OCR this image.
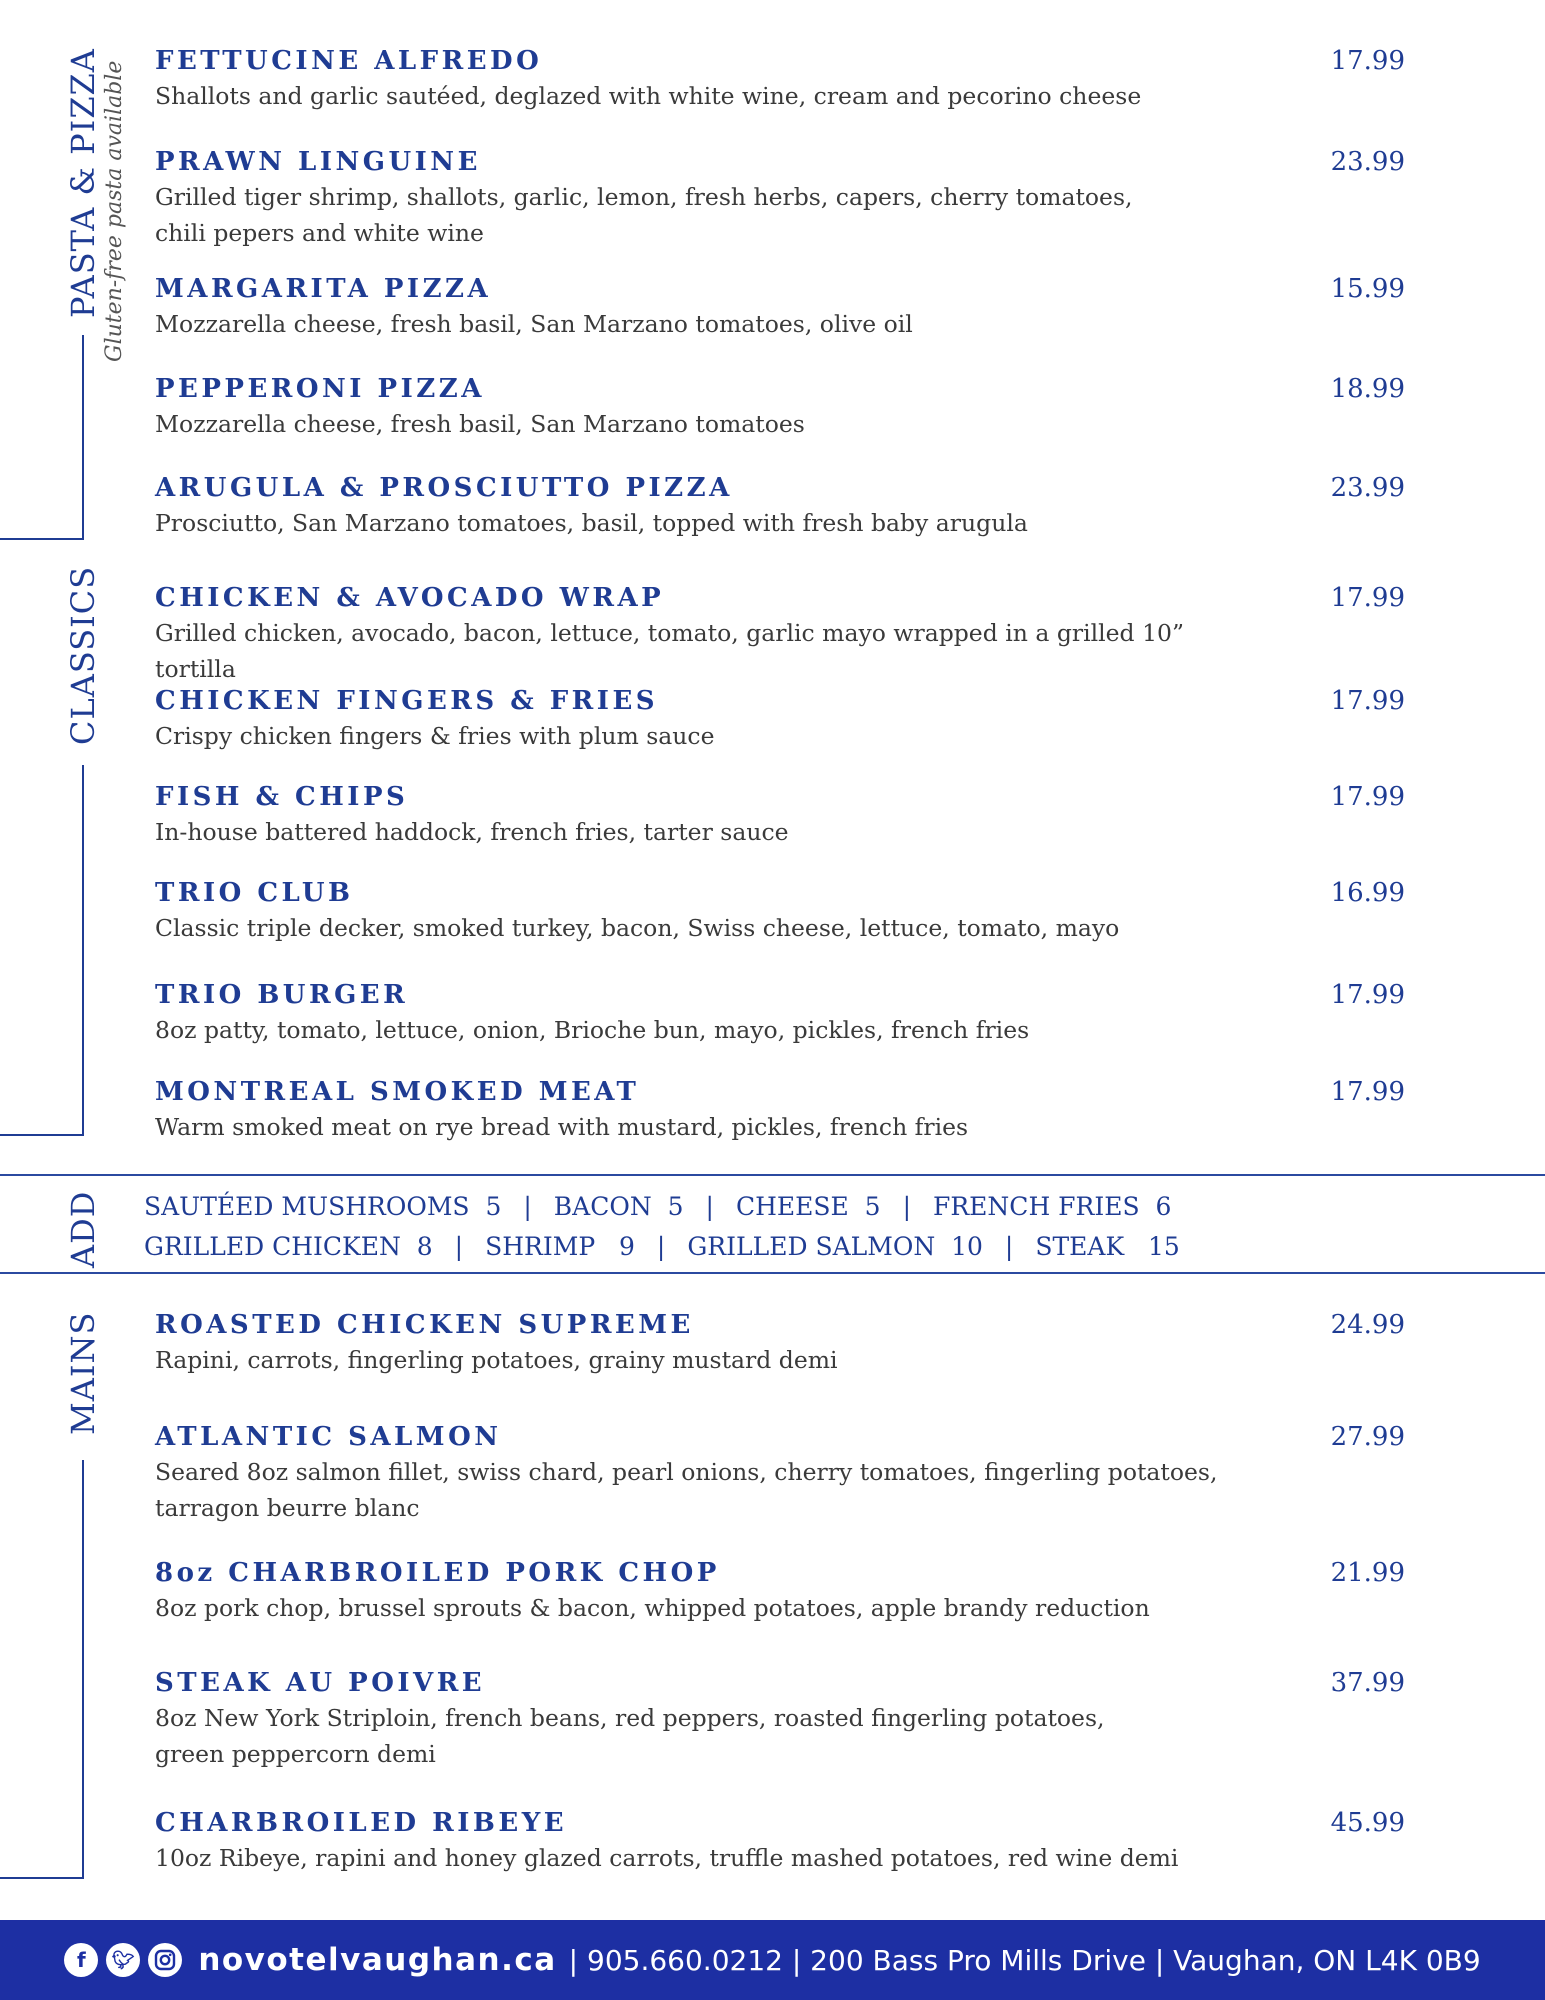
PASTA & PIZZA Gluten-free pasta available
CLASSICS
ADD
MAINS
FETTUCINE ALFREDO	17.99
Shallots and garlic sautéed, deglazed with white wine, cream and pecorino cheese
PRAWN LINGUINE	23.99
Grilled tiger shrimp, shallots, garlic, lemon, fresh herbs, capers, cherry tomatoes,
chili pepers and white wine
MARGARITA PIZZA	15.99
Mozzarella cheese, fresh basil, San Marzano tomatoes, olive oil
PEPPERONI PIZZA	18.99
Mozzarella cheese, fresh basil, San Marzano tomatoes
ARUGULA & PROSCIUTTO PIZZA	23.99
Prosciutto, San Marzano tomatoes, basil, topped with fresh baby arugula
CHICKEN & AVOCADO WRAP	17.99
Grilled chicken, avocado, bacon, lettuce, tomato, garlic mayo wrapped in a grilled 10” tortilla
CHICKEN FINGERS & FRIES	17.99
Crispy chicken fingers & fries with plum sauce
FISH & CHIPS	17.99
In-house battered haddock, french fries, tarter sauce
TRIO CLUB	16.99
Classic triple decker, smoked turkey, bacon, Swiss cheese, lettuce, tomato, mayo
TRIO BURGER	17.99
8oz patty, tomato, lettuce, onion, Brioche bun, mayo, pickles, french fries
MONTREAL SMOKED MEAT	17.99
Warm smoked meat on rye bread with mustard, pickles, french fries
SAUTÉED MUSHROOMS  5 | BACON  5 | CHEESE  5 | FRENCH FRIES  6
GRILLED CHICKEN  8 | SHRIMP   9 | GRILLED SALMON  10 | STEAK   15
ROASTED CHICKEN SUPREME	24.99
Rapini, carrots, fingerling potatoes, grainy mustard demi
ATLANTIC SALMON	27.99
Seared 8oz salmon fillet, swiss chard, pearl onions, cherry tomatoes, fingerling potatoes,
tarragon beurre blanc
8oz CHARBROILED PORK CHOP	21.99
8oz pork chop, brussel sprouts & bacon, whipped potatoes, apple brandy reduction
STEAK AU POIVRE	37.99
8oz New York Striploin, french beans, red peppers, roasted fingerling potatoes,
green peppercorn demi
CHARBROILED RIBEYE	45.99
10oz Ribeye, rapini and honey glazed carrots, truffle mashed potatoes, red wine demi
f	🐦︎ novotelvaughan.ca | 905.660.0212 | 200 Bass Pro Mills Drive | Vaughan, ON L4K 0B9
